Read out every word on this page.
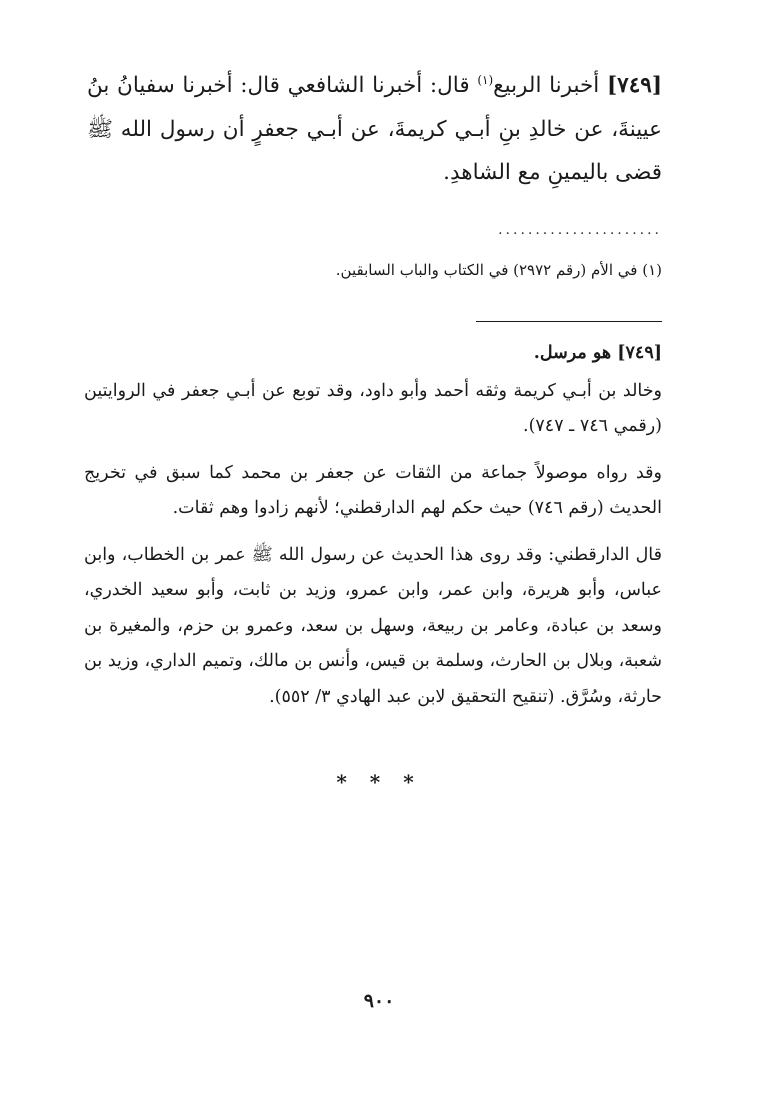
[٧٤٩] أخبرنا الربيع$^{(١)}$ قال: أخبرنا الشافعي قال: أخبرنا سفيانُ بنُ عيينةَ، عن خالدِ بنِ أبـي كريمةَ، عن أبـي جعفرٍ أن رسول الله ﷺ قضى باليمينِ مع الشاهدِ.

......................

(١) في الأم (رقم ٢٩٧٢) في الكتاب والباب السابقين.

[٧٤٩] هو مرسل.

وخالد بن أبـي كريمة وثقه أحمد وأبو داود، وقد توبع عن أبـي جعفر في الروايتين (رقمي ٧٤٦ ـ ٧٤٧).

وقد رواه موصولاً جماعة من الثقات عن جعفر بن محمد كما سبق في تخريج الحديث (رقم ٧٤٦) حيث حكم لهم الدارقطني؛ لأنهم زادوا وهم ثقات.

قال الدارقطني: وقد روى هذا الحديث عن رسول الله ﷺ عمر بن الخطاب، وابن عباس، وأبو هريرة، وابن عمر، وابن عمرو، وزيد بن ثابت، وأبو سعيد الخدري، وسعد بن عبادة، وعامر بن ربيعة، وسهل بن سعد، وعمرو بن حزم، والمغيرة بن شعبة، وبلال بن الحارث، وسلمة بن قيس، وأنس بن مالك، وتميم الداري، وزيد بن حارثة، وسُرَّق. (تنقيح التحقيق لابن عبد الهادي ٣/ ٥٥٢).

* * *
٩٠٠
